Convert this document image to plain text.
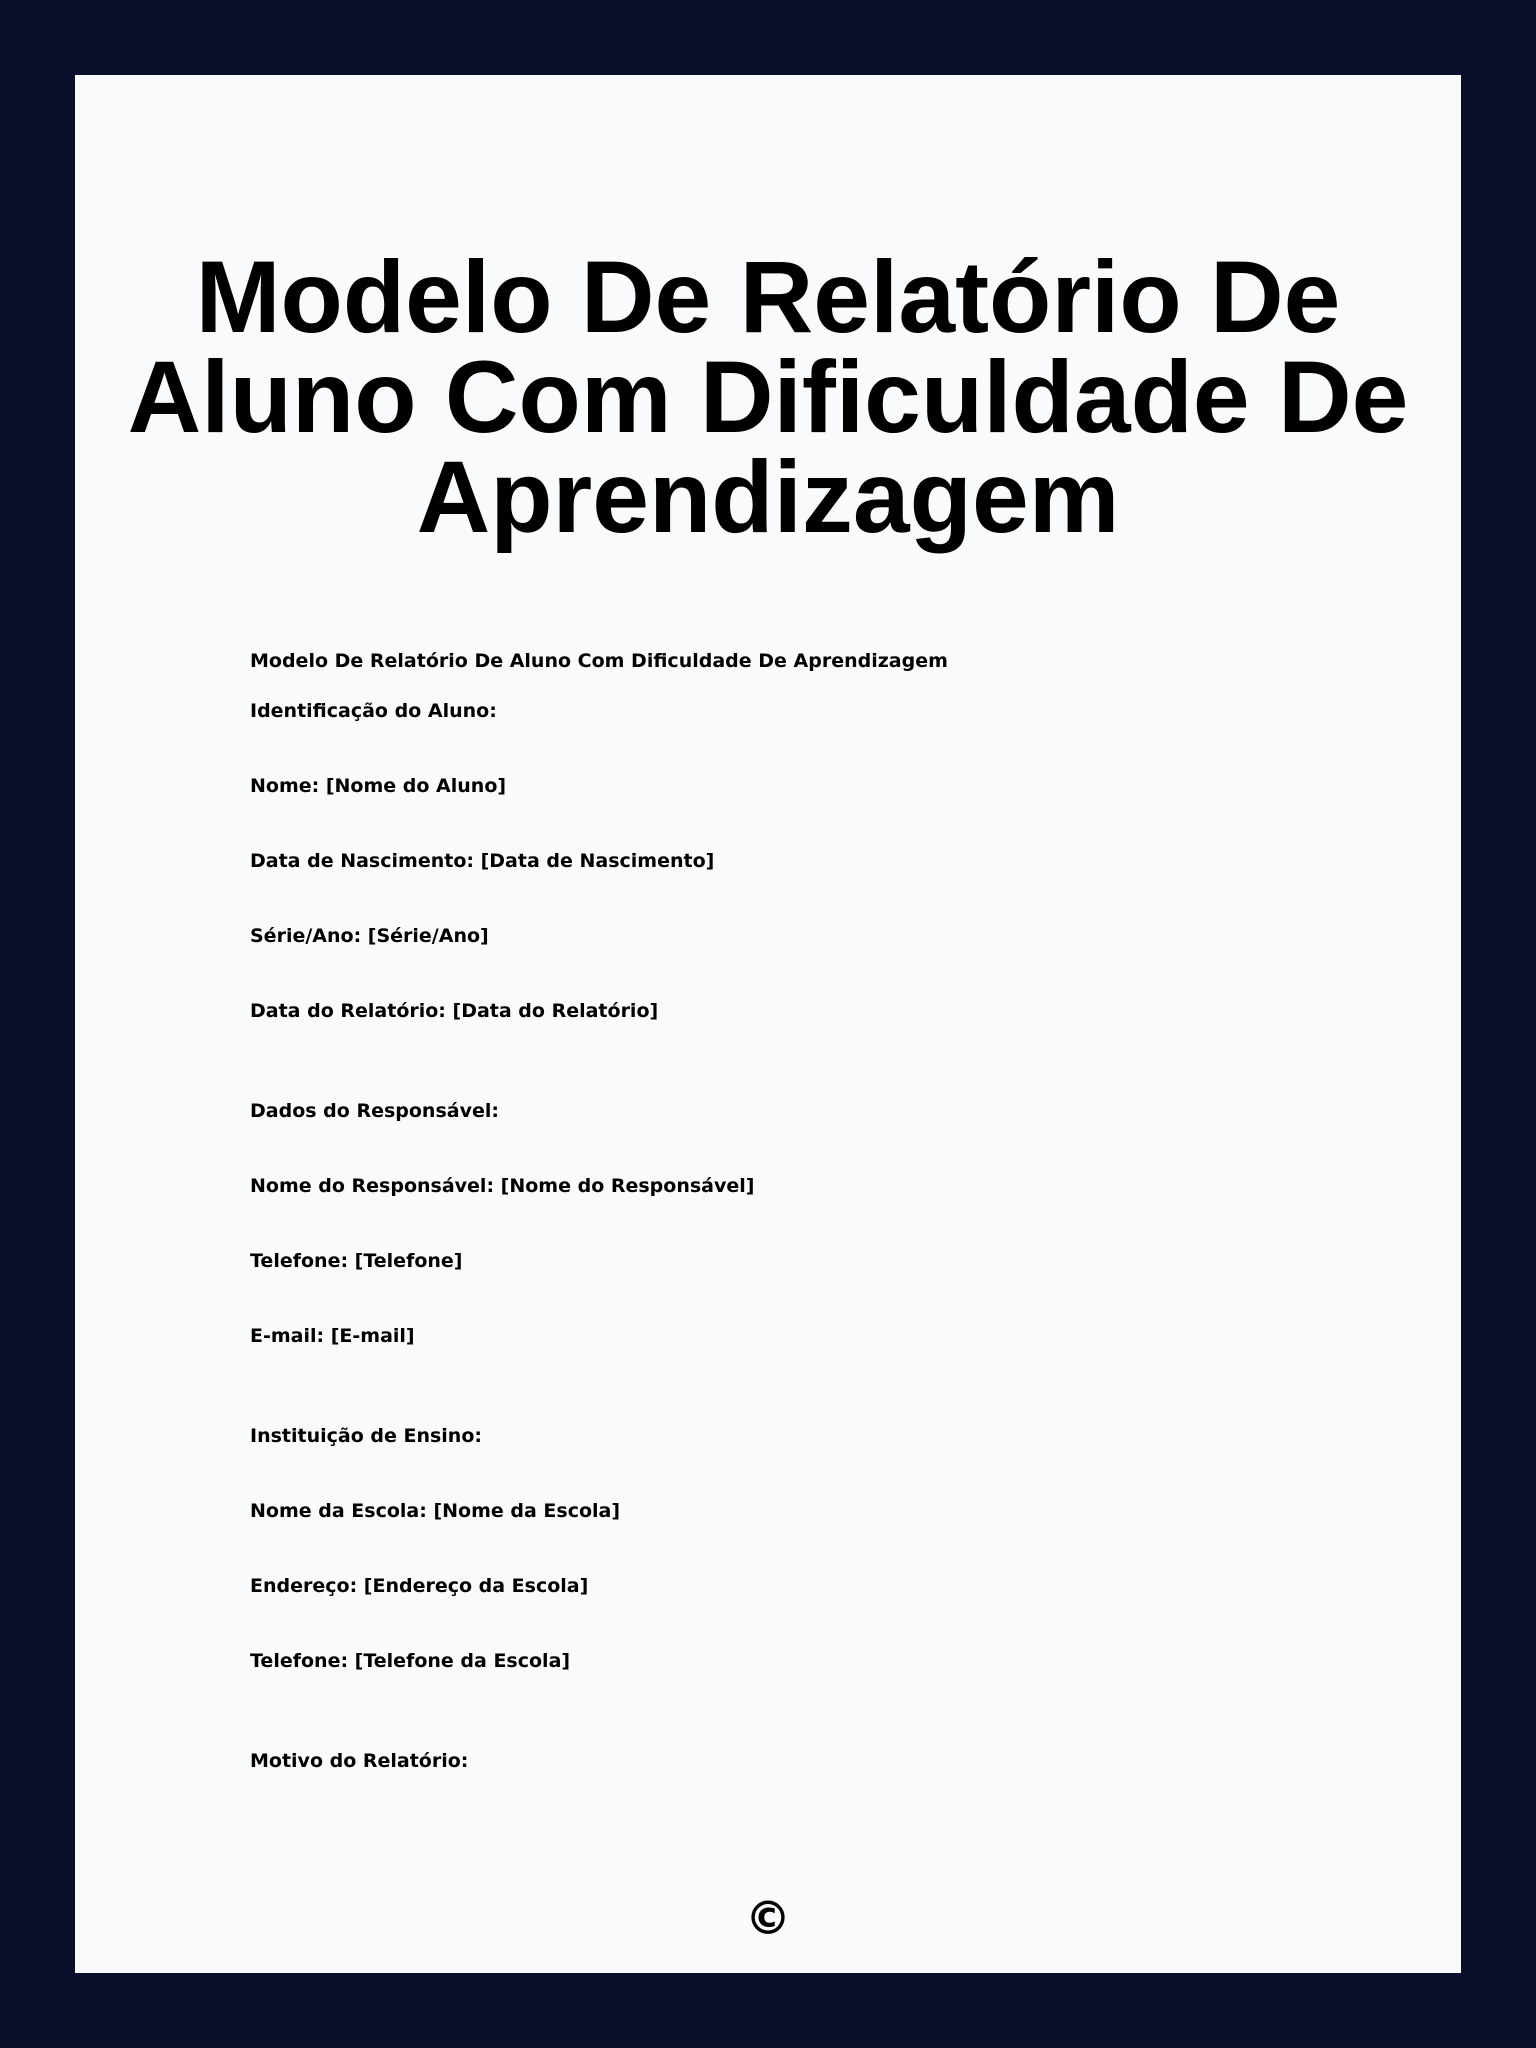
Modelo De Relatório De Aluno Com Dificuldade De Aprendizagem
Modelo De Relatório De Aluno Com Dificuldade De Aprendizagem
Identificação do Aluno:
Nome: [Nome do Aluno]
Data de Nascimento: [Data de Nascimento]
Série/Ano: [Série/Ano]
Data do Relatório: [Data do Relatório]
Dados do Responsável:
Nome do Responsável: [Nome do Responsável]
Telefone: [Telefone]
E-mail: [E-mail]
Instituição de Ensino:
Nome da Escola: [Nome da Escola]
Endereço: [Endereço da Escola]
Telefone: [Telefone da Escola]
Motivo do Relatório:
©
